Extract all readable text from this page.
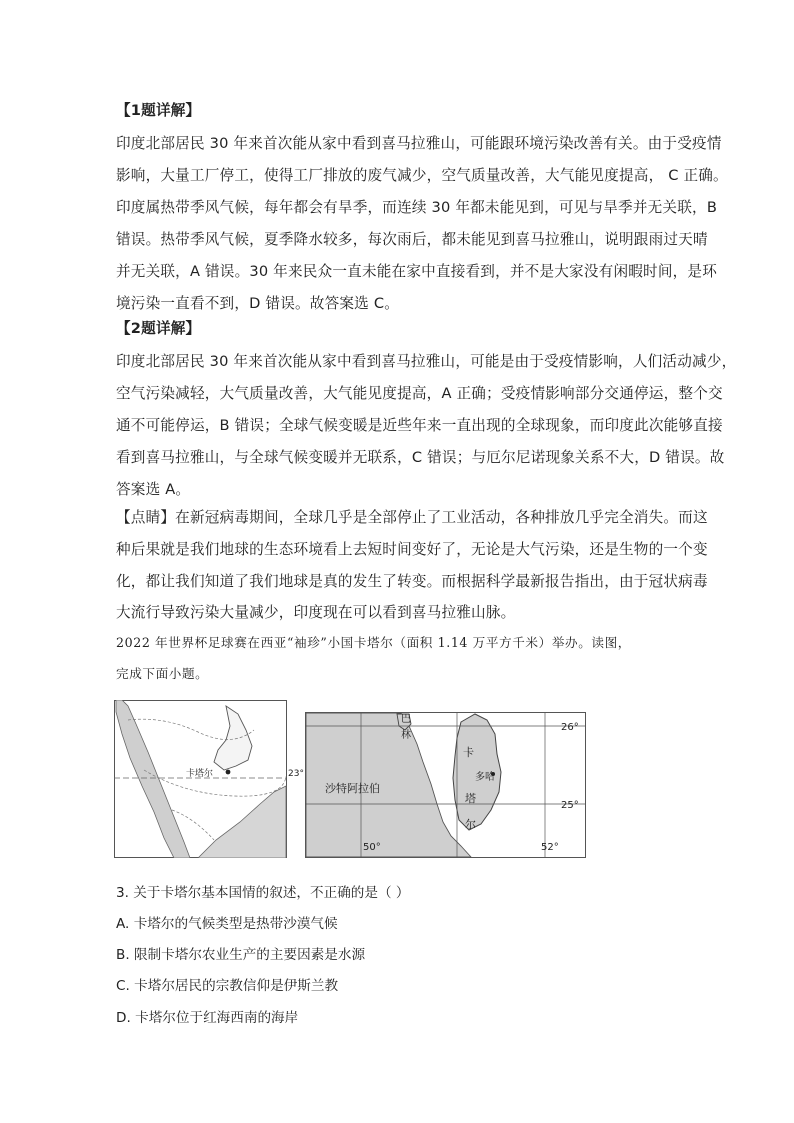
【1题详解】
印度北部居民 30 年来首次能从家中看到喜马拉雅山，可能跟环境污染改善有关。由于受疫情
影响，大量工厂停工，使得工厂排放的废气减少，空气质量改善，大气能见度提高， C 正确。
印度属热带季风气候，每年都会有旱季，而连续 30 年都未能见到，可见与旱季并无关联，B
错误。热带季风气候，夏季降水较多，每次雨后，都未能见到喜马拉雅山，说明跟雨过天晴
并无关联，A 错误。30 年来民众一直未能在家中直接看到，并不是大家没有闲暇时间，是环
境污染一直看不到，D 错误。故答案选 C。
【2题详解】
印度北部居民 30 年来首次能从家中看到喜马拉雅山，可能是由于受疫情影响，人们活动减少，
空气污染减轻，大气质量改善，大气能见度提高，A 正确；受疫情影响部分交通停运，整个交
通不可能停运，B 错误；全球气候变暖是近些年来一直出现的全球现象，而印度此次能够直接
看到喜马拉雅山，与全球气候变暖并无联系，C 错误；与厄尔尼诺现象关系不大，D 错误。故
答案选 A。
【点睛】在新冠病毒期间，全球几乎是全部停止了工业活动，各种排放几乎完全消失。而这
种后果就是我们地球的生态环境看上去短时间变好了，无论是大气污染，还是生物的一个变
化，都让我们知道了我们地球是真的发生了转变。而根据科学最新报告指出，由于冠状病毒
大流行导致污染大量减少，印度现在可以看到喜马拉雅山脉。
2022 年世界杯足球赛在西亚“袖珍”小国卡塔尔（面积 1.14 万平方千米）举办。读图，
完成下面小题。
卡塔尔	23°
巴
林
沙特阿拉伯
卡
塔
尔
多哈
26°
25°
50°	52°
3. 关于卡塔尔基本国情的叙述，不正确的是（ ）
A. 卡塔尔的气候类型是热带沙漠气候
B. 限制卡塔尔农业生产的主要因素是水源
C. 卡塔尔居民的宗教信仰是伊斯兰教
D. 卡塔尔位于红海西南的海岸
